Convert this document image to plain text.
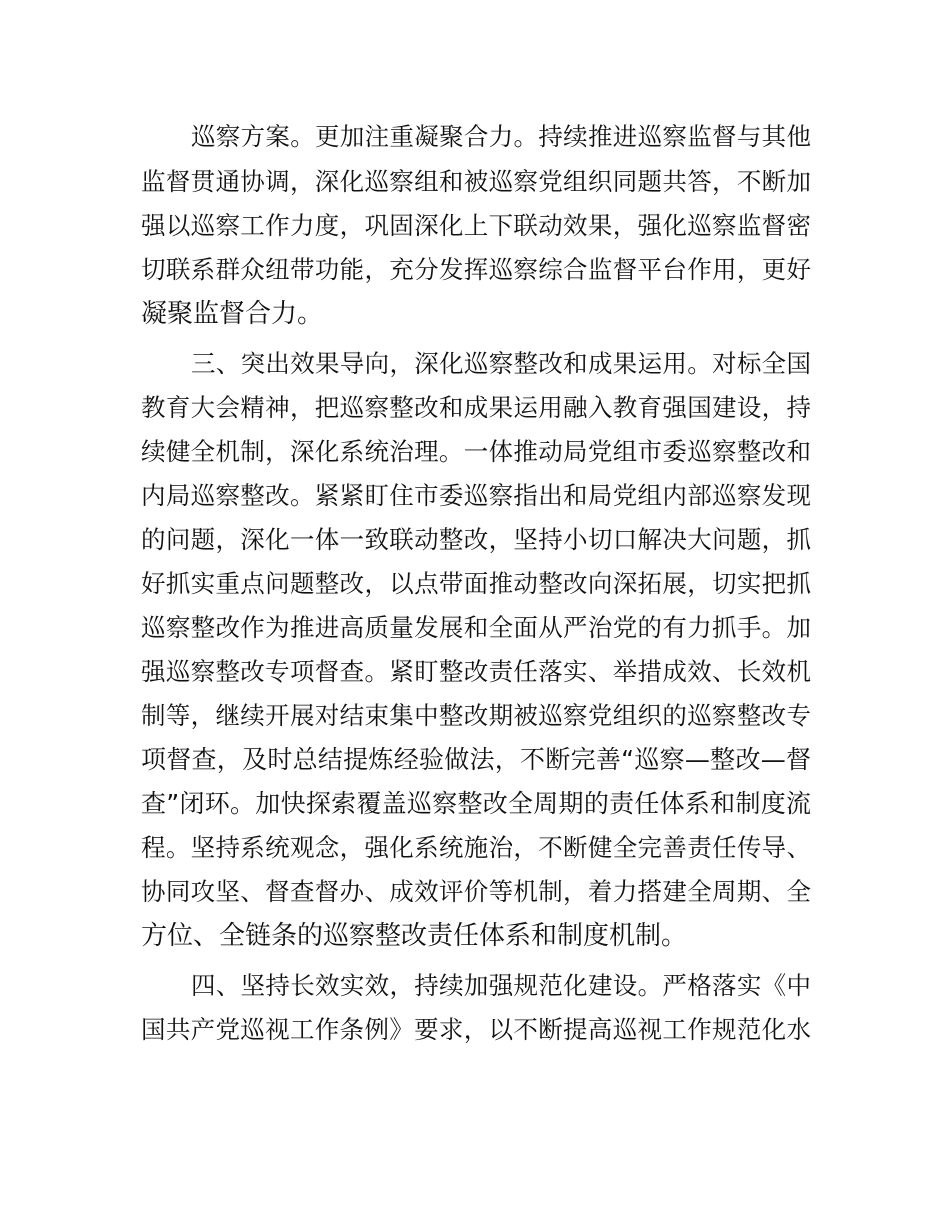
巡察方案。更加注重凝聚合力。持续推进巡察监督与其他
监督贯通协调，深化巡察组和被巡察党组织同题共答，不断加
强以巡察工作力度，巩固深化上下联动效果，强化巡察监督密
切联系群众纽带功能，充分发挥巡察综合监督平台作用，更好
凝聚监督合力。
三、突出效果导向，深化巡察整改和成果运用。对标全国
教育大会精神，把巡察整改和成果运用融入教育强国建设，持
续健全机制，深化系统治理。一体推动局党组市委巡察整改和
内局巡察整改。紧紧盯住市委巡察指出和局党组内部巡察发现
的问题，深化一体一致联动整改，坚持小切口解决大问题，抓
好抓实重点问题整改，以点带面推动整改向深拓展，切实把抓
巡察整改作为推进高质量发展和全面从严治党的有力抓手。加
强巡察整改专项督查。紧盯整改责任落实、举措成效、长效机
制等，继续开展对结束集中整改期被巡察党组织的巡察整改专
项督查，及时总结提炼经验做法，不断完善“巡察—整改—督
查”闭环。加快探索覆盖巡察整改全周期的责任体系和制度流
程。坚持系统观念，强化系统施治，不断健全完善责任传导、
协同攻坚、督查督办、成效评价等机制，着力搭建全周期、全
方位、全链条的巡察整改责任体系和制度机制。
四、坚持长效实效，持续加强规范化建设。严格落实《中
国共产党巡视工作条例》要求，以不断提高巡视工作规范化水
